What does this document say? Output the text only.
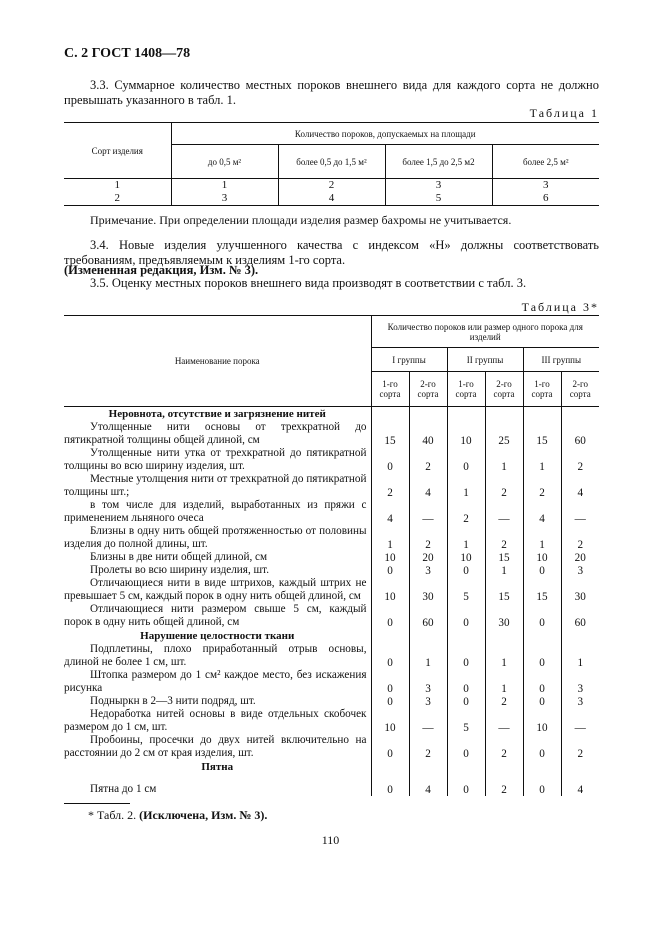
С. 2 ГОСТ 1408—78
3.3. Суммарное количество местных пороков внешнего вида для каждого сорта не должно превышать указанного в табл. 1.
Таблица 1
Сорт изделия	Количество пороков, допускаемых на площади			
	до 0,5 м²	более 0,5 до 1,5 м²	более 1,5 до 2,5 м2	более 2,5 м²
1	1	2	3	3
2	3	4	5	6
Примечание. При определении площади изделия размер бахромы не учитывается.
3.4. Новые изделия улучшенного качества с индексом «Н» должны соответствовать требованиям, предъявляемым к изделиям 1-го сорта.
(Измененная редакция, Изм. № 3).
3.5. Оценку местных пороков внешнего вида производят в соответствии с табл. 3.
Таблица 3*
Наименование порока	Количество пороков или размер одного порока для изделий					
	I группы		II группы		III группы	
	1-го сорта	2-го сорта	1-го сорта	2-го сорта	1-го сорта	2-го сорта
Неровнота, отсутствие и загрязнение нитей						
Утолщенные нити основы от трехкратной до пятикратной толщины общей длиной, см	15	40	10	25	15	60
Утолщенные нити утка от трехкратной до пятикратной толщины во всю ширину изделия, шт.	0	2	0	1	1	2
Местные утолщения нити от трехкратной до пятикратной толщины шт.;	2	4	1	2	2	4
в том числе для изделий, выработанных из пряжи с применением льняного очеса	4	—	2	—	4	—
Близны в одну нить общей протяженностью от половины изделия до полной длины, шт.	1	2	1	2	1	2
Близны в две нити общей длиной, см	10	20	10	15	10	20
Пролеты во всю ширину изделия, шт.	0	3	0	1	0	3
Отличающиеся нити в виде штрихов, каждый штрих не превышает 5 см, каждый порок в одну нить общей длиной, см	10	30	5	15	15	30
Отличающиеся нити размером свыше 5 см, каждый порок в одну нить общей длиной, см	0	60	0	30	0	60
Нарушение целостности ткани						
Подплетины, плохо приработанный отрыв основы, длиной не более 1 см, шт.	0	1	0	1	0	1
Штопка размером до 1 см² каждое место, без искажения рисунка	0	3	0	1	0	3
Подныркн в 2—3 нити подряд, шт.	0	3	0	2	0	3
Недоработка нитей основы в виде отдельных скобочек размером до 1 см, шт.	10	—	5	—	10	—
Пробоины, просечки до двух нитей включительно на расстоянии до 2 см от края изделия, шт.	0	2	0	2	0	2
Пятна						
Пятна до 1 см	0	4	0	2	0	4
* Табл. 2. (Исключена, Изм. № 3).
110
